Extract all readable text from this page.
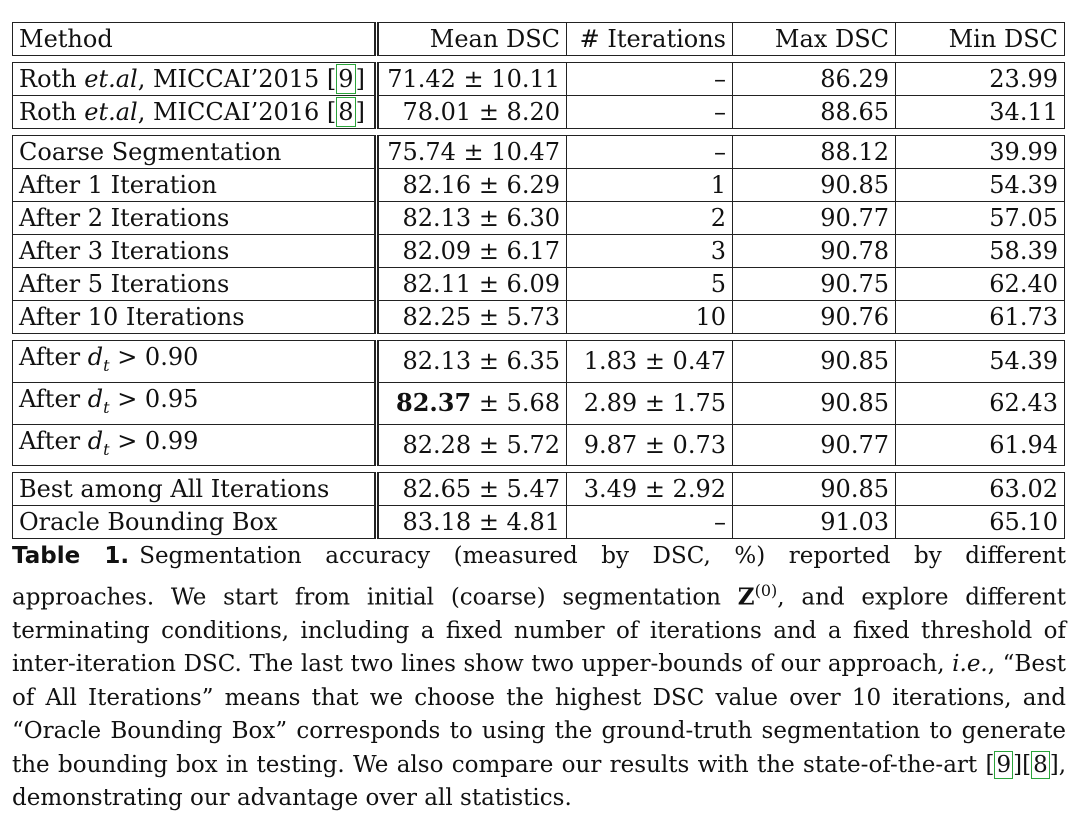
Method	Mean DSC	# Iterations	Max DSC	Min DSC

Roth et.al, MICCAI’2015 [9]	71.42 ± 10.11	–	86.29	23.99
Roth et.al, MICCAI’2016 [8]	78.01 ± 8.20	–	88.65	34.11

Coarse Segmentation	75.74 ± 10.47	–	88.12	39.99
After 1 Iteration	82.16 ± 6.29	1	90.85	54.39
After 2 Iterations	82.13 ± 6.30	2	90.77	57.05
After 3 Iterations	82.09 ± 6.17	3	90.78	58.39
After 5 Iterations	82.11 ± 6.09	5	90.75	62.40
After 10 Iterations	82.25 ± 5.73	10	90.76	61.73

After $d_t > 0.90$	82.13 ± 6.35	1.83 ± 0.47	90.85	54.39
After $d_t > 0.95$	82.37 ± 5.68	2.89 ± 1.75	90.85	62.43
After $d_t > 0.99$	82.28 ± 5.72	9.87 ± 0.73	90.77	61.94

Best among All Iterations	82.65 ± 5.47	3.49 ± 2.92	90.85	63.02
Oracle Bounding Box	83.18 ± 4.81	–	91.03	65.10
Table 1. Segmentation accuracy (measured by DSC, %) reported by different approaches. We start from initial (coarse) segmentation $Z^{(0)}$, and explore different terminating conditions, including a fixed number of iterations and a fixed threshold of inter-iteration DSC. The last two lines show two upper-bounds of our approach, i.e., “Best of All Iterations” means that we choose the highest DSC value over 10 iterations, and “Oracle Bounding Box” corresponds to using the ground-truth segmentation to generate the bounding box in testing. We also compare our results with the state-of-the-art [9][8], demonstrating our advantage over all statistics.
